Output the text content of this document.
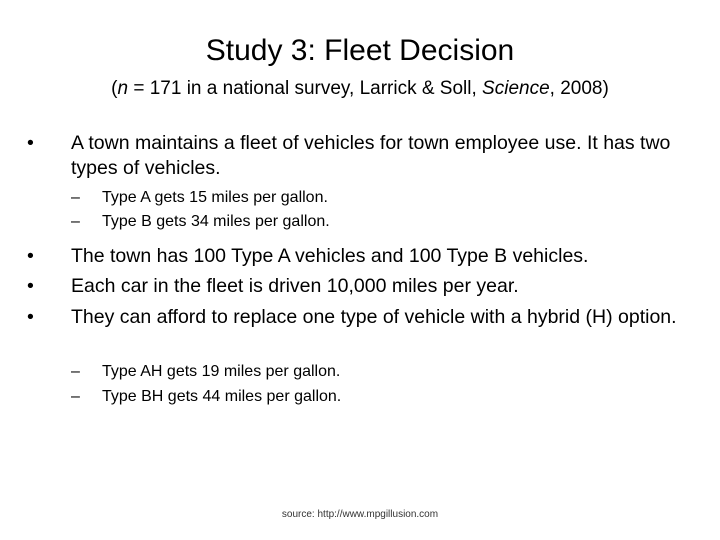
Study 3: Fleet Decision
(n = 171 in a national survey, Larrick & Soll, Science, 2008)
•	A town maintains a fleet of vehicles for town employee use. It has two types of vehicles.
– Type A gets 15 miles per gallon.
– Type B gets 34 miles per gallon.
•	The town has 100 Type A vehicles and 100 Type B vehicles.
•	Each car in the fleet is driven 10,000 miles per year.
•	They can afford to replace one type of vehicle with a hybrid (H) option.
– Type AH gets 19 miles per gallon.
– Type BH gets 44 miles per gallon.
source: http://www.mpgillusion.com
